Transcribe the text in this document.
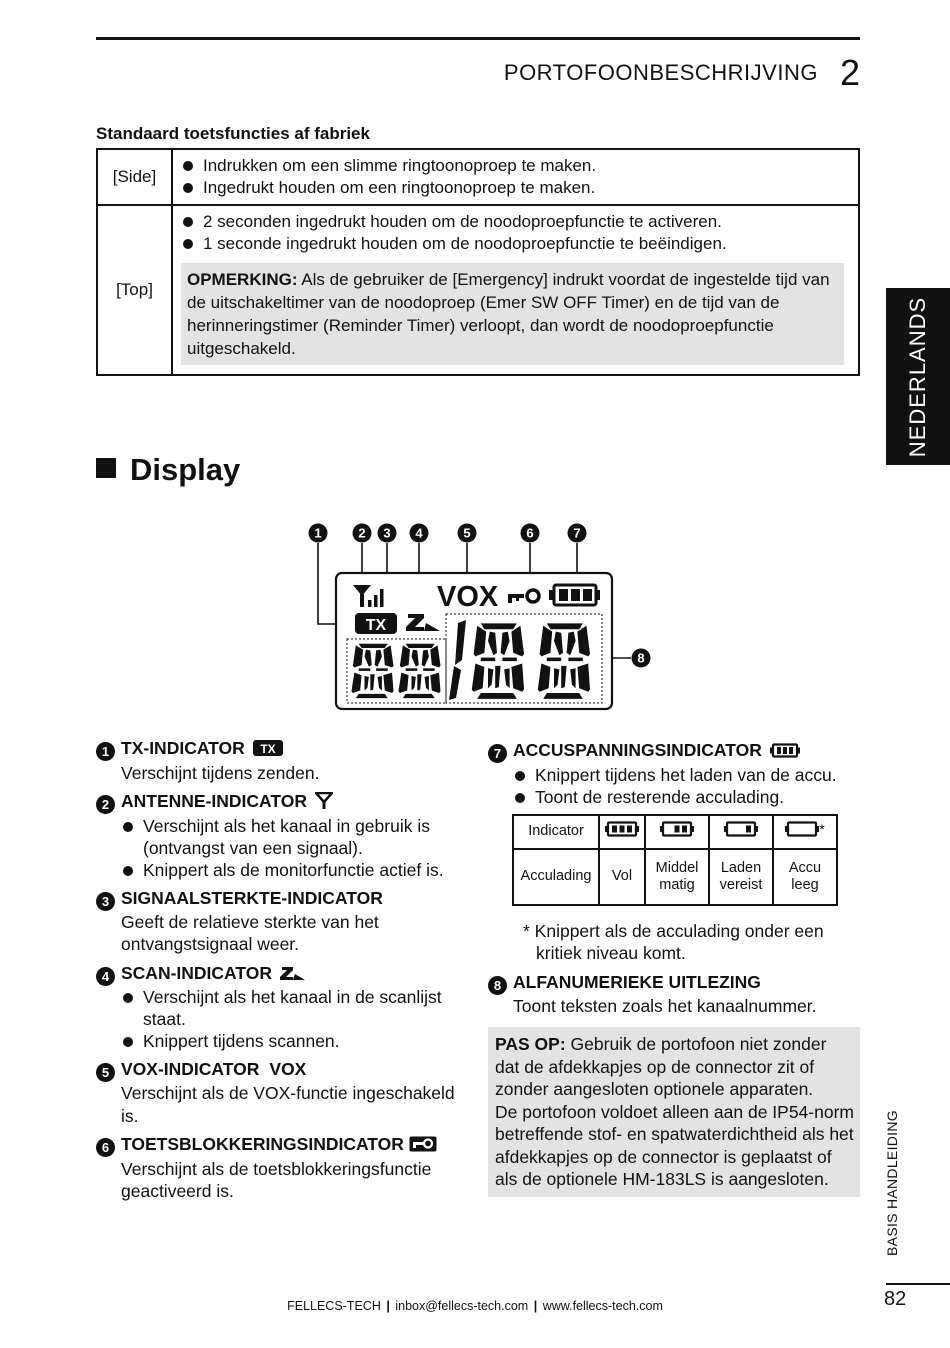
PORTOFOONBESCHRIJVING 2
NEDERLANDS
BASIS HANDLEIDING
82
FELLECS-TECH | inbox@fellecs-tech.com | www.fellecs-tech.com
Standaard toetsfuncties af fabriek
[Side]	Indrukken om een slimme ringtoonoproep te maken.
Ingedrukt houden om een ringtoonoproep te maken.

[Top]	2 seconden ingedrukt houden om de noodoproepfunctie te activeren.
1 seconde ingedrukt houden om de noodoproepfunctie te beëindigen.
OPMERKING: Als de gebruiker de [Emergency] indrukt voordat de ingestelde tijd van de uitschakeltimer van de noodoproep (Emer SW OFF Timer) en de tijd van de herinneringstimer (Reminder Timer) verloopt, dan wordt de noodoproepfunctie uitgeschakeld.
Display
1	2 3 4	5	6	7
8
VOX
TX
1 TX-INDICATOR TX
Verschijnt tijdens zenden.
2 ANTENNE-INDICATOR
Verschijnt als het kanaal in gebruik is (ontvangst van een signaal).
Knippert als de monitorfunctie actief is.
3 SIGNAALSTERKTE-INDICATOR
Geeft de relatieve sterkte van het ontvangstsignaal weer.
4 SCAN-INDICATOR
Verschijnt als het kanaal in de scanlijst staat.
Knippert tijdens scannen.
5 VOX-INDICATOR VOX
Verschijnt als de VOX-functie ingeschakeld is.
6 TOETSBLOKKERINGSINDICATOR
Verschijnt als de toetsblokkeringsfunctie geactiveerd is.
7 ACCUSPANNINGSINDICATOR
Knippert tijdens het laden van de accu.
Toont de resterende acculading.
Indicator				*
Acculading	Vol	Middel matig	Laden vereist	Accu leeg
* Knippert als de acculading onder een kritiek niveau komt.
8 ALFANUMERIEKE UITLEZING
Toont teksten zoals het kanaalnummer.
PAS OP: Gebruik de portofoon niet zonder dat de afdekkapjes op de connector zit of zonder aangesloten optionele apparaten.
De portofoon voldoet alleen aan de IP54-norm betreffende stof- en spatwaterdichtheid als het afdekkapjes op de connector is geplaatst of als de optionele HM-183LS is aangesloten.
